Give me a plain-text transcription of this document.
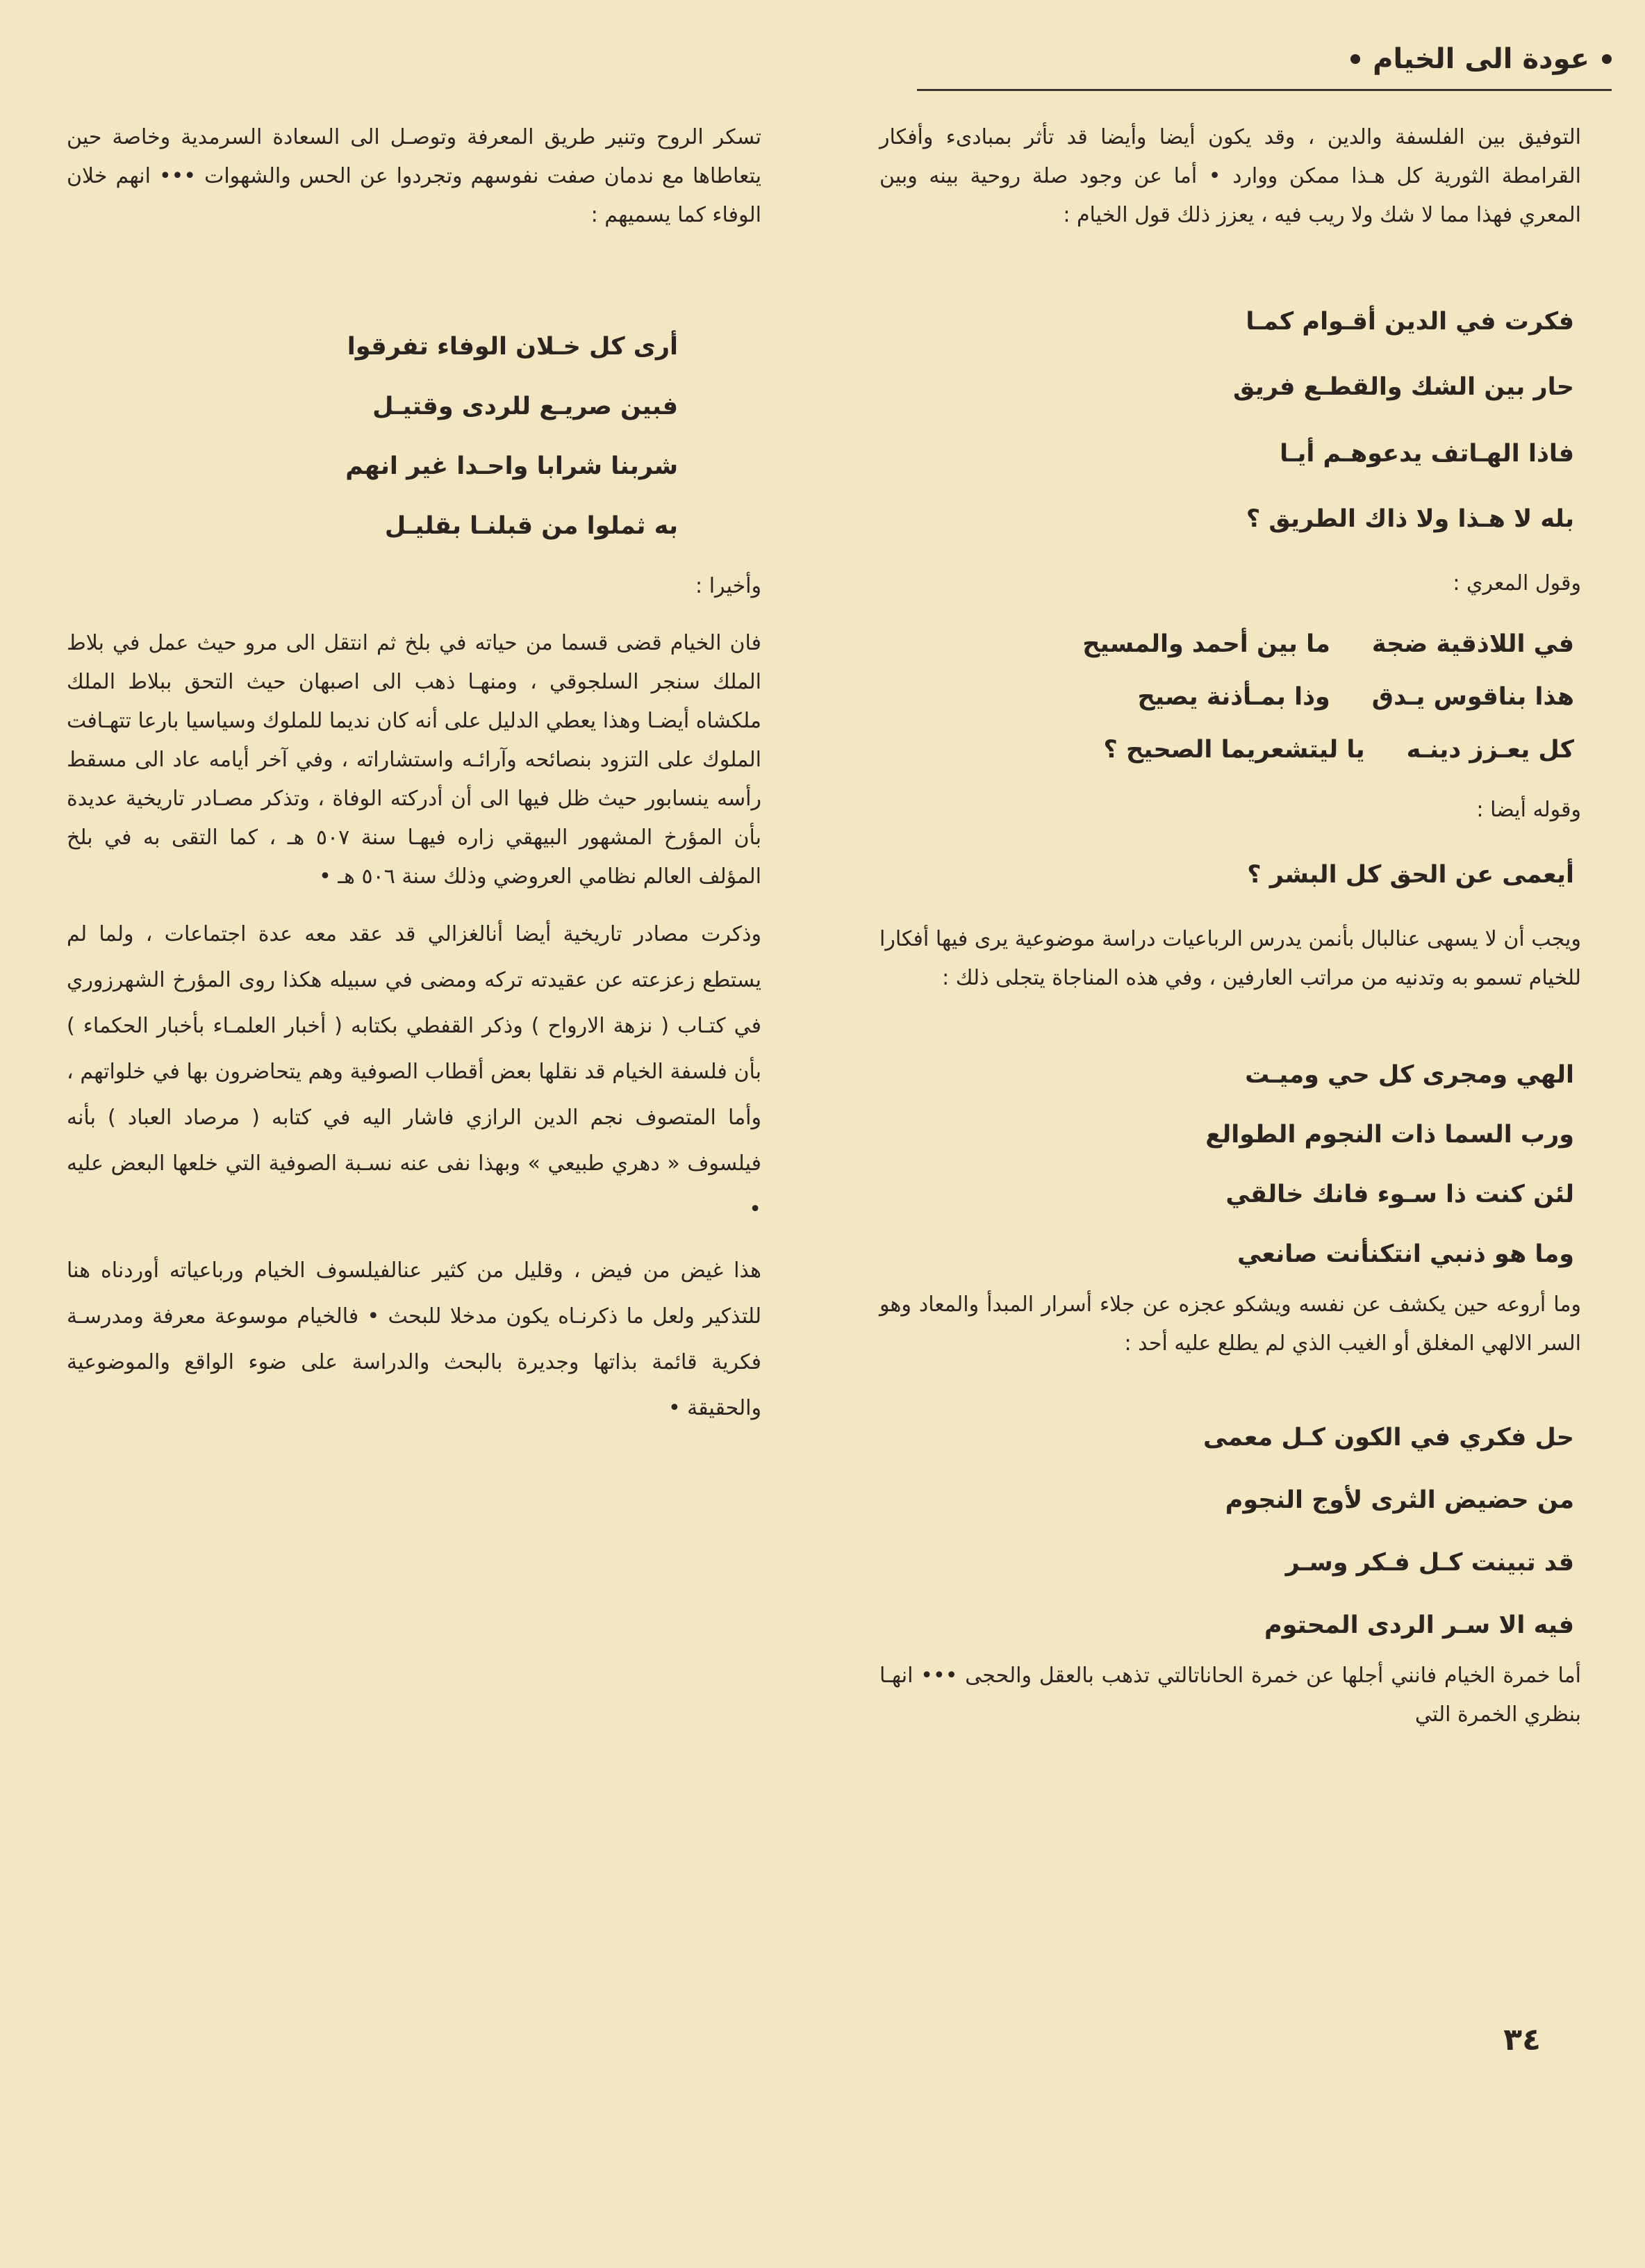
عودة الى الخيام

التوفيق بين الفلسفة والدين ، وقد يكون أيضا وأيضا قد تأثر بمبادىء وأفكار القرامطة الثورية كل هـذا ممكن ووارد • أما عن وجود صلة روحية بينه وبين المعري فهذا مما لا شك ولا ريب فيه ، يعزز ذلك قول الخيام :

فكرت في الدين أقـوام كمـا

حار بين الشك والقطـع فريق

فاذا الهـاتف يدعوهـم أيـا

بله لا هـذا ولا ذاك الطريق ؟

وقول المعري :

في اللاذقية ضجة

ما بين أحمد والمسيح

هذا بناقوس يـدق

وذا بمـأذنة يصيح

كل يعـزز دينـه

يا ليتشعريما الصحيح ؟

وقوله أيضا :

أيعمى عن الحق كل البشر ؟

ويجب أن لا يسهى عنالبال بأنمن يدرس الرباعيات دراسة موضوعية يرى فيها أفكارا للخيام تسمو به وتدنيه من مراتب العارفين ، وفي هذه المناجاة يتجلى ذلك :

الهي ومجرى كل حي وميـت

ورب السما ذات النجوم الطوالع

لئن كنت ذا سـوء فانك خالقي

وما هو ذنبي انتكنأنت صانعي

وما أروعه حين يكشف عن نفسه ويشكو عجزه عن جلاء أسرار المبدأ والمعاد وهو السر الالهي المغلق أو الغيب الذي لم يطلع عليه أحد :

حل فكري في الكون كـل معمى

من حضيض الثرى لأوج النجوم

قد تبينت كـل فـكر وسـر

فيه الا سـر الردى المحتوم

أما خمرة الخيام فانني أجلها عن خمرة الحاناتالتي تذهب بالعقل والحجى ••• انهـا بنظري الخمرة التي

تسكر الروح وتنير طريق المعرفة وتوصـل الى السعادة السرمدية وخاصة حين يتعاطاها مع ندمان صفت نفوسهم وتجردوا عن الحس والشهوات ••• انهم خلان الوفاء كما يسميهم :

أرى كل خـلان الوفاء تفرقوا

فبين صريـع للردى وقتيـل

شربنا شرابا واحـدا غير انهم

به ثملوا من قبلنـا بقليـل

وأخيرا :

فان الخيام قضى قسما من حياته في بلخ ثم انتقل الى مرو حيث عمل في بلاط الملك سنجر السلجوقي ، ومنهـا ذهب الى اصبهان حيث التحق ببلاط الملك ملكشاه أيضـا وهذا يعطي الدليل على أنه كان نديما للملوك وسياسيا بارعا تتهـافت الملوك على التزود بنصائحه وآرائـه واستشاراته ، وفي آخر أيامه عاد الى مسقط رأسه ينسابور حيث ظل فيها الى أن أدركته الوفاة ، وتذكر مصـادر تاريخية عديدة بأن المؤرخ المشهور البيهقي زاره فيهـا سنة ٥٠٧ هـ ، كما التقى به في بلخ المؤلف العالم نظامي العروضي وذلك سنة ٥٠٦ هـ •

وذكرت مصادر تاريخية أيضا أنالغزالي قد عقد معه عدة اجتماعات ، ولما لم يستطع زعزعته عن عقيدته تركه ومضى في سبيله هكذا روى المؤرخ الشهرزوري في كتـاب ( نزهة الارواح ) وذكر القفطي بكتابه ( أخبار العلمـاء بأخبار الحكماء ) بأن فلسفة الخيام قد نقلها بعض أقطاب الصوفية وهم يتحاضرون بها في خلواتهم ، وأما المتصوف نجم الدين الرازي فاشار اليه في كتابه ( مرصاد العباد ) بأنه فيلسوف « دهري طبيعي » وبهذا نفى عنه نسـبة الصوفية التي خلعها البعض عليه •

هذا غيض من فيض ، وقليل من كثير عنالفيلسوف الخيام ورباعياته أوردناه هنا للتذكير ولعل ما ذكرنـاه يكون مدخلا للبحث • فالخيام موسوعة معرفة ومدرسـة فكرية قائمة بذاتها وجديرة بالبحث والدراسة على ضوء الواقع والموضوعية والحقيقة •

٣٤
